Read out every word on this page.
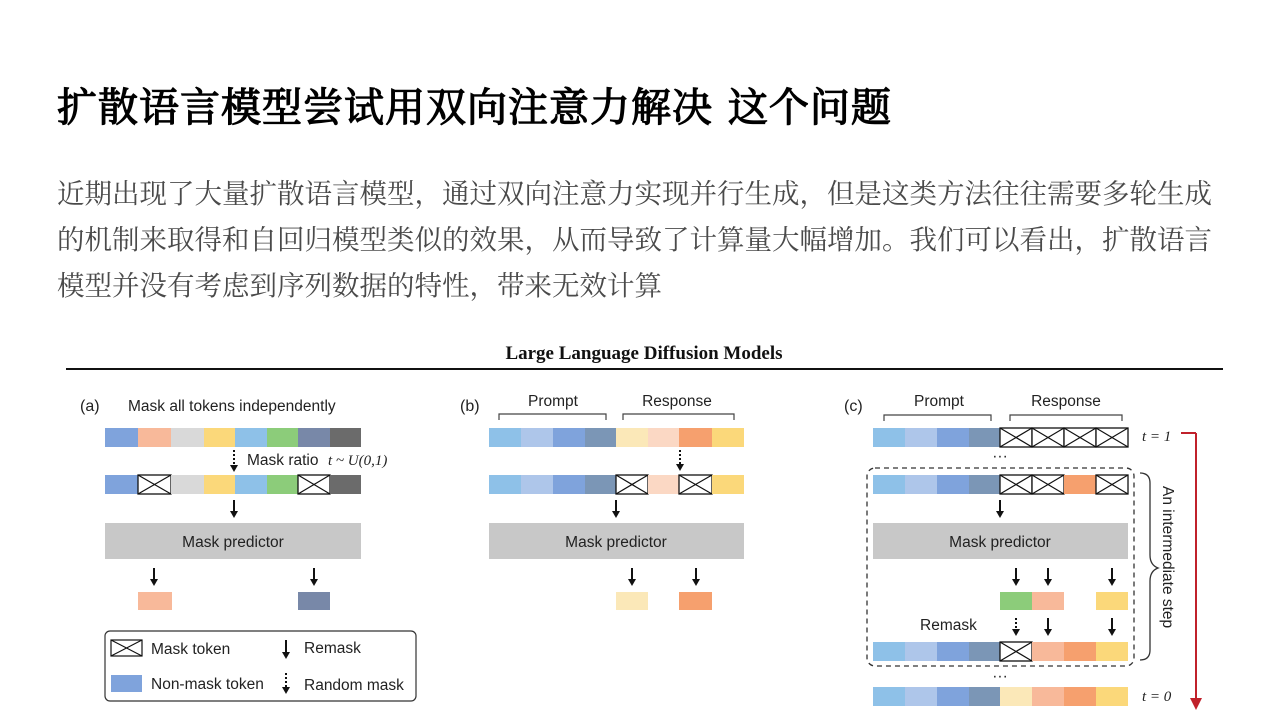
扩散语言模型尝试用双向注意力解决 这个问题
近期出现了大量扩散语言模型，通过双向注意力实现并行生成，但是这类方法往往需要多轮生成的机制来取得和自回归模型类似的效果，从而导致了计算量大幅增加。我们可以看出，扩散语言模型并没有考虑到序列数据的特性，带来无效计算
Large Language Diffusion Models
(a) Mask all tokens independently
Mask ratio t ~ U(0,1)
Mask predictor
Mask token	Remask
Non-mask token	Random mask
(b)	Prompt	Response
Mask predictor
(c)	Prompt	Response
t = 1
···
Mask predictor
Remask
···
t = 0
An intermediate step
